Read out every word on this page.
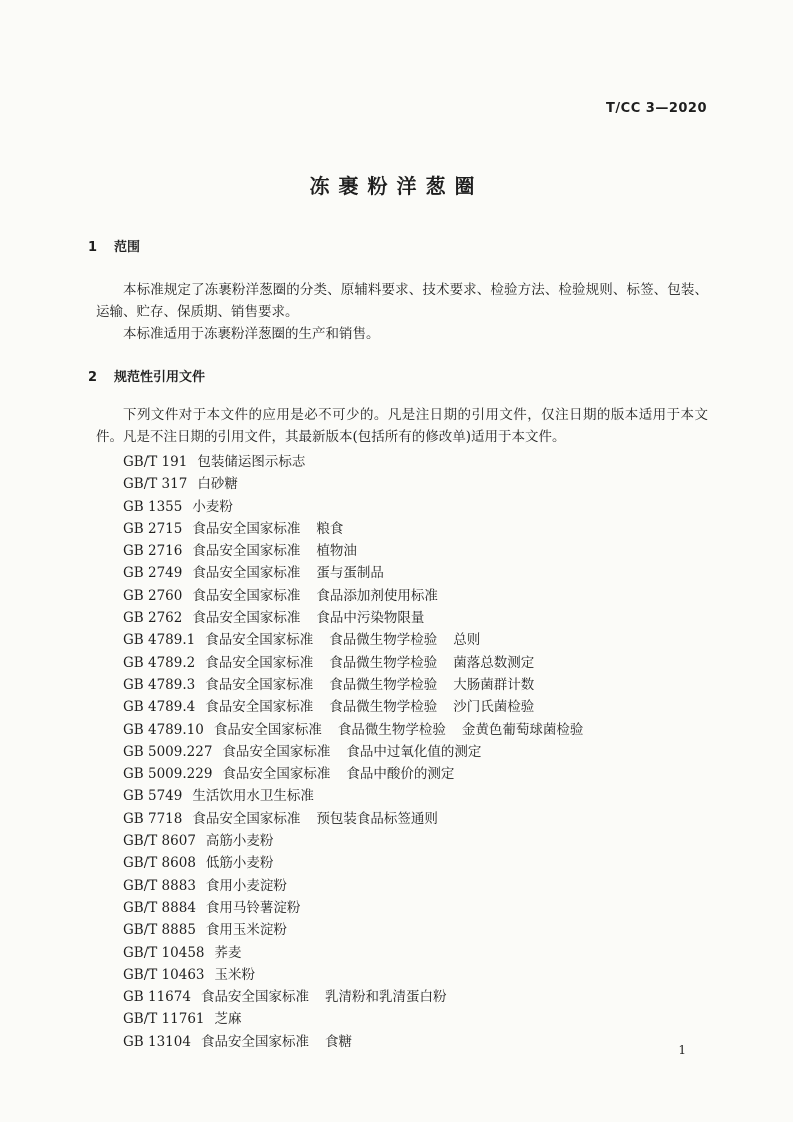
T/CC 3—2020
冻裹粉洋葱圈
1 范围
本标准规定了冻裹粉洋葱圈的分类、原辅料要求、技术要求、检验方法、检验规则、标签、包装、运输、贮存、保质期、销售要求。
本标准适用于冻裹粉洋葱圈的生产和销售。
2 规范性引用文件
下列文件对于本文件的应用是必不可少的。凡是注日期的引用文件，仅注日期的版本适用于本文件。凡是不注日期的引用文件，其最新版本(包括所有的修改单)适用于本文件。
GB/T 191 包装储运图示标志
GB/T 317 白砂糖
GB 1355 小麦粉
GB 2715 食品安全国家标准 粮食
GB 2716 食品安全国家标准 植物油
GB 2749 食品安全国家标准 蛋与蛋制品
GB 2760 食品安全国家标准 食品添加剂使用标准
GB 2762 食品安全国家标准 食品中污染物限量
GB 4789.1 食品安全国家标准 食品微生物学检验 总则
GB 4789.2 食品安全国家标准 食品微生物学检验 菌落总数测定
GB 4789.3 食品安全国家标准 食品微生物学检验 大肠菌群计数
GB 4789.4 食品安全国家标准 食品微生物学检验 沙门氏菌检验
GB 4789.10 食品安全国家标准 食品微生物学检验 金黄色葡萄球菌检验
GB 5009.227 食品安全国家标准 食品中过氧化值的测定
GB 5009.229 食品安全国家标准 食品中酸价的测定
GB 5749 生活饮用水卫生标准
GB 7718 食品安全国家标准 预包装食品标签通则
GB/T 8607 高筋小麦粉
GB/T 8608 低筋小麦粉
GB/T 8883 食用小麦淀粉
GB/T 8884 食用马铃薯淀粉
GB/T 8885 食用玉米淀粉
GB/T 10458 荞麦
GB/T 10463 玉米粉
GB 11674 食品安全国家标准 乳清粉和乳清蛋白粉
GB/T 11761 芝麻
GB 13104 食品安全国家标准 食糖
1
